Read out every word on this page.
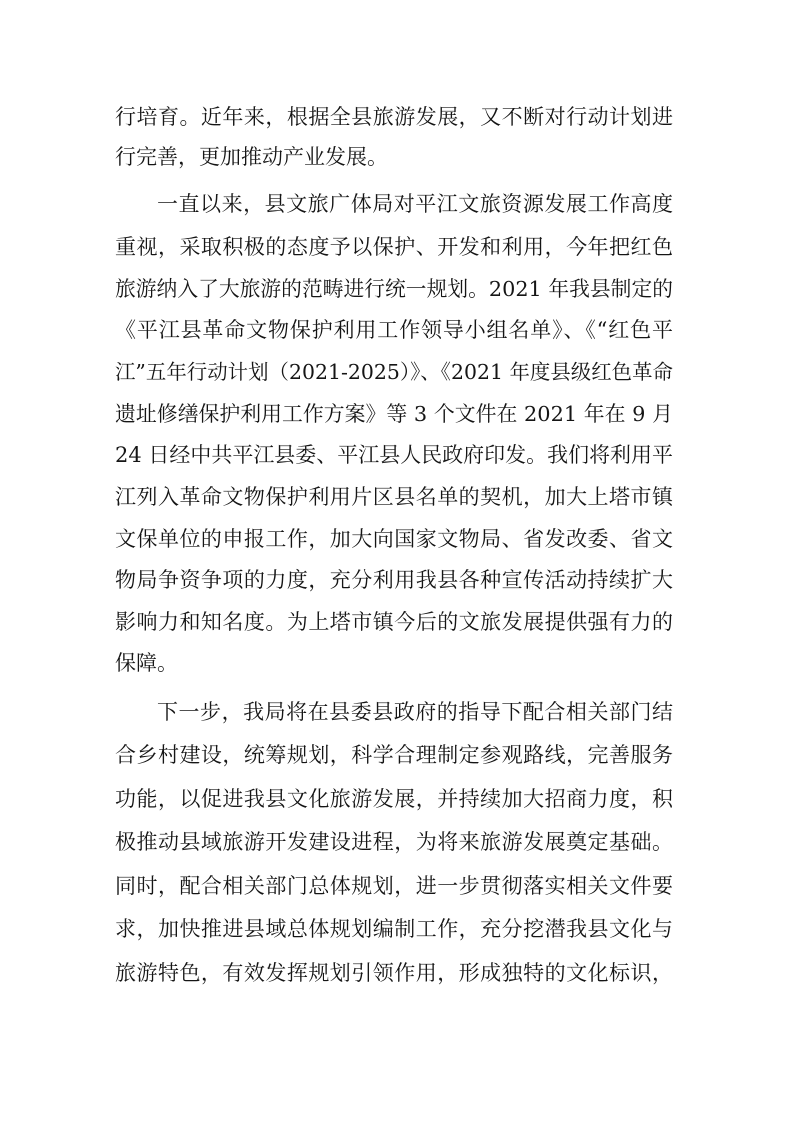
行培育。近年来，根据全县旅游发展，又不断对行动计划进
行完善，更加推动产业发展。
一直以来，县文旅广体局对平江文旅资源发展工作高度
重视，采取积极的态度予以保护、开发和利用，今年把红色
旅游纳入了大旅游的范畴进行统一规划。2021 年我县制定的
《平江县革命文物保护利用工作领导小组名单》、《“红色平
江”五年行动计划（2021-2025）》、《2021 年度县级红色革命
遗址修缮保护利用工作方案》等 3 个文件在 2021 年在 9 月
24 日经中共平江县委、平江县人民政府印发。我们将利用平
江列入革命文物保护利用片区县名单的契机，加大上塔市镇
文保单位的申报工作，加大向国家文物局、省发改委、省文
物局争资争项的力度，充分利用我县各种宣传活动持续扩大
影响力和知名度。为上塔市镇今后的文旅发展提供强有力的
保障。
下一步，我局将在县委县政府的指导下配合相关部门结
合乡村建设，统筹规划，科学合理制定参观路线，完善服务
功能，以促进我县文化旅游发展，并持续加大招商力度，积
极推动县域旅游开发建设进程，为将来旅游发展奠定基础。
同时，配合相关部门总体规划，进一步贯彻落实相关文件要
求，加快推进县域总体规划编制工作，充分挖潜我县文化与
旅游特色，有效发挥规划引领作用，形成独特的文化标识，
